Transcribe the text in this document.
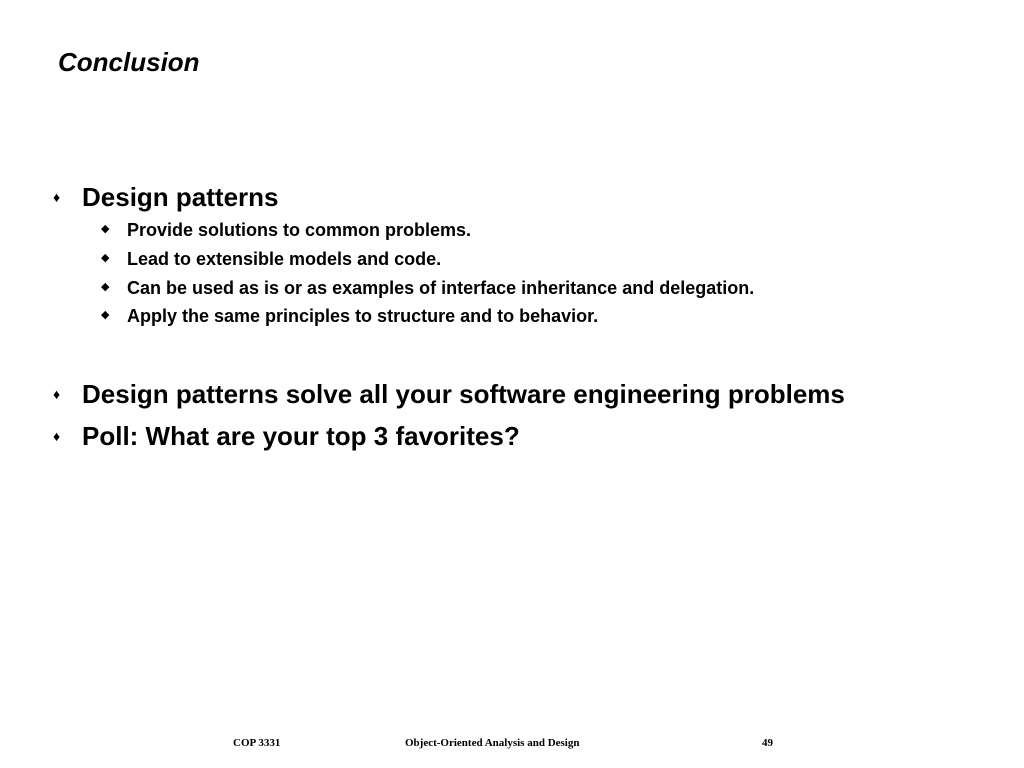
Conclusion
♦ Design patterns
◆ Provide solutions to common problems.
◆ Lead to extensible models and code.
◆ Can be used as is or as examples of interface inheritance and delegation.
◆ Apply the same principles to structure and to behavior.
♦ Design patterns solve all your software engineering problems
♦ Poll: What are your top 3 favorites?
COP 3331	Object-Oriented Analysis and Design	49
